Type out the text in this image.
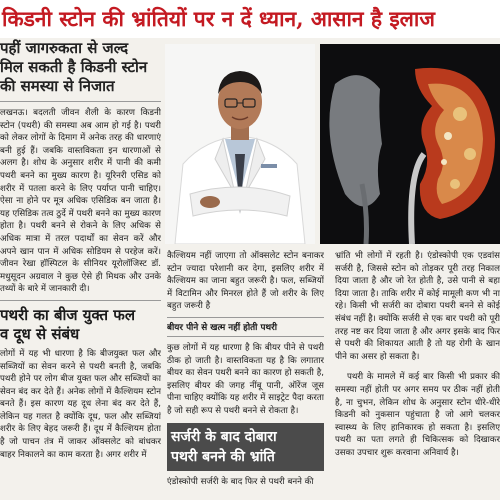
किडनी स्टोन की भ्रांतियों पर न दें ध्यान, आसान है इलाज
पहीं जागरुकता से जल्द
मिल सकती है किडनी स्टोन
की समस्या से निजात

लखनऊ। बदलती जीवन शैली के कारण किडनी स्टोन (पथरी) की समस्या अब आम हो गई है। पथरी को लेकर लोगों के दिमाग में अनेक तरह की धारणाएं बनी हुई हैं। जबकि वास्तविकता इन धारणाओं से अलग है। शोध के अनुसार शरीर में पानी की कमी पथरी बनने का मुख्य कारण है। यूरिनरी एसिड को शरीर में पतला करने के लिए पर्याप्त पानी चाहिए। ऐसा ना होने पर मूत्र अधिक एसिडिक बन जाता है। यह एसिडिक तत्व ठुर्दे में पथरी बनने का मुख्य कारण होता है। पथरी बनने से रोकने के लिए अधिक से अधिक मात्रा में तरल पदार्थों का सेवन करें और अपने खान पान में अधिक सोडियम से परहेज करें। जीवन रेखा हॉस्पिटल के सीनियर यूरोलॉजिस्ट डॉ. मधुसूदन अग्रवाल ने कुछ ऐसे ही मिथक और उनके तथ्यों के बारे में जानकारी दी।

पथरी का बीज युक्त फल
व दूध से संबंध

लोगों में यह भी धारणा है कि बीजयुक्त फल और सब्जियों का सेवन करने से पथरी बनती है, जबकि पथरी होने पर लोग बीज युक्त फल और सब्जियों का सेवन बंद कर देते हैं। अनेक लोगों में कैल्शियम स्टोन बनते हैं। इस कारण यह दूध लेना बंद कर देते हैं, लेकिन यह गलत है क्योंकि दूध, फल और सब्जियां शरीर के लिए बेहद जरूरी हैं। दूध में कैल्शियम होता है जो पाचन तंत्र में जाकर ऑक्सलेट को बांधकर बाहर निकालने का काम करता है। अगर शरीर में

कैल्शियम नहीं जाएगा तो ऑक्सलेट स्टोन बनाकर स्टोन ज्यादा परेशानी कर देगा, इसलिए शरीर में कैल्शियम का जाना बहुत जरूरी है। फल, सब्जियों में विटामिन और मिनरल होते हैं जो शरीर के लिए बहुत जरूरी है

बीयर पीने से खत्म नहीं होती पथरी

कुछ लोगों में यह धारणा है कि बीयर पीने से पथरी ठीक हो जाती है। वास्तविकता यह है कि लगातार बीयर का सेवन पथरी बनने का कारण हो सकती है, इसलिए बीयर की जगह नींबू पानी, ऑरेंज जूस पीना चाहिए क्योंकि यह शरीर में साइट्रेट पैदा करता है जो सही रूप से पथरी बनने से रोकता है।

सर्जरी के बाद दोबारा
पथरी बनने की भ्रांति

एंडोस्कोपी सर्जरी के बाद फिर से पथरी बनने की

भ्रांति भी लोगों में रहती है। एंडोस्कोपी एक एडवांस सर्जरी है, जिससे स्टोन को तोड़कर पूरी तरह निकाल दिया जाता है और जो रेत होती है, उसे पानी से बहा दिया जाता है। ताकि शरीर में कोई मामूली कण भी ना रहे। किसी भी सर्जरी का दोबारा पथरी बनने से कोई संबंध नहीं है। क्योंकि सर्जरी से एक बार पथरी को पूरी तरह नष्ट कर दिया जाता है और अगर इसके बाद फिर से पथरी की शिकायत आती है तो यह रोगी के खान पीने का असर हो सकता है।

पथरी के मामले में कई बार किसी भी प्रकार की समस्या नहीं होती पर अगर समय पर ठीक नहीं होती है, ना चुभन, लेकिन शोध के अनुसार स्टोन धीरे-धीरे किडनी को नुकसान पहुंचाता है जो आगे चलकर स्वास्थ्य के लिए हानिकारक हो सकता है। इसलिए पथरी का पता लगते ही चिकित्सक को दिखाकर उसका उपचार शुरू करवाना अनिवार्य है।
